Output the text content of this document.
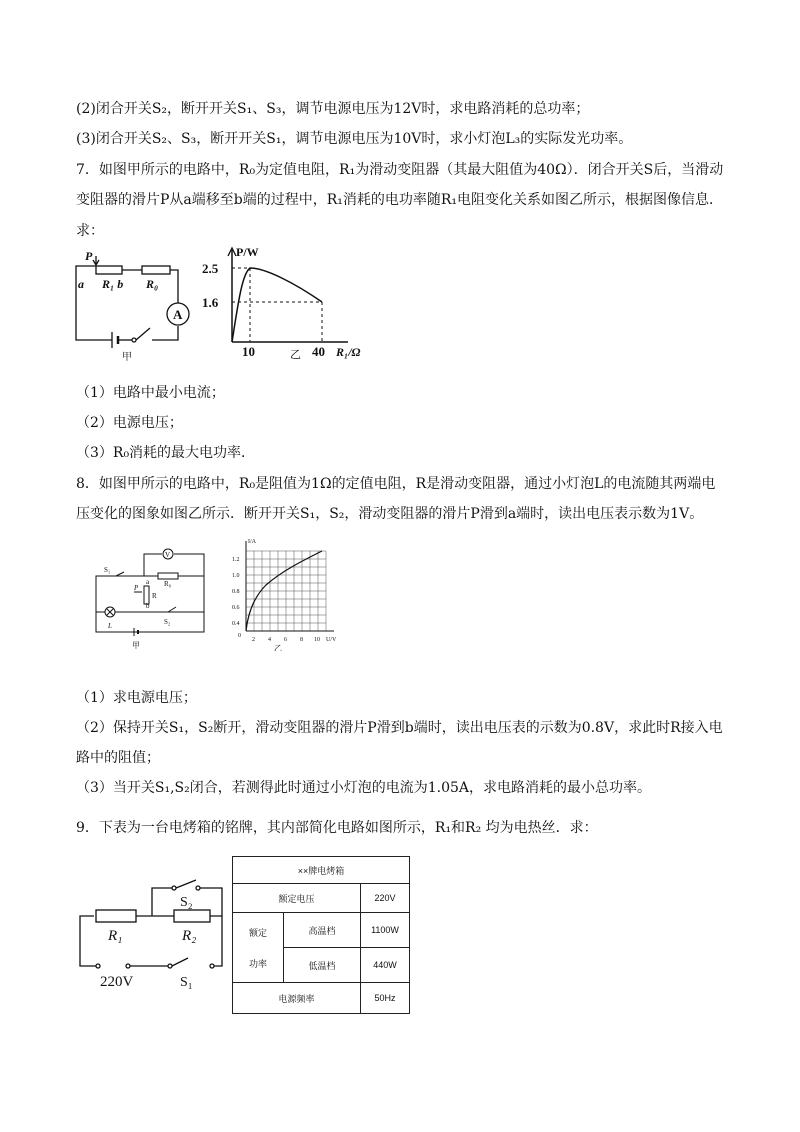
(2)闭合开关S₂，断开开关S₁、S₃，调节电源电压为12V时，求电路消耗的总功率；
(3)闭合开关S₂、S₃，断开开关S₁，调节电源电压为10V时，求小灯泡L₃的实际发光功率。
7．如图甲所示的电路中，R₀为定值电阻，R₁为滑动变阻器（其最大阻值为40Ω）．闭合开关S后，当滑动
变阻器的滑片P从a端移至b端的过程中，R₁消耗的电功率随R₁电阻变化关系如图乙所示，根据图像信息．
求：
P
a R₁ b R₀
A
甲
P/W
2.5
1.6
10	乙 40 R₁/Ω
（1）电路中最小电流；
（2）电源电压；
（3）R₀消耗的最大电功率．
8．如图甲所示的电路中，R₀是阻值为1Ω的定值电阻，R是滑动变阻器，通过小灯泡L的电流随其两端电
压变化的图象如图乙所示．断开开关S₁，S₂，滑动变阻器的滑片P滑到a端时，读出电压表示数为1V。
V
S₁
R₀
P
a
R
b
L	S₂
甲
I/A
1.2
1.0
0.8
0.6
0.4
0
2 4 6 8 10 U/V
乙
（1）求电源电压；
（2）保持开关S₁，S₂断开，滑动变阻器的滑片P滑到b端时，读出电压表的示数为0.8V，求此时R接入电
路中的阻值；
（3）当开关S₁,S₂闭合，若测得此时通过小灯泡的电流为1.05A，求电路消耗的最小总功率。
9．下表为一台电烤箱的铭牌，其内部简化电路如图所示，R₁和R₂ 均为电热丝．求：
S₂
R₁	R₂
220V	S₁
××牌电烤箱		
额定电压		220V

额定
功率	高温档	1100W
	低温档	440W
电源频率		50Hz
